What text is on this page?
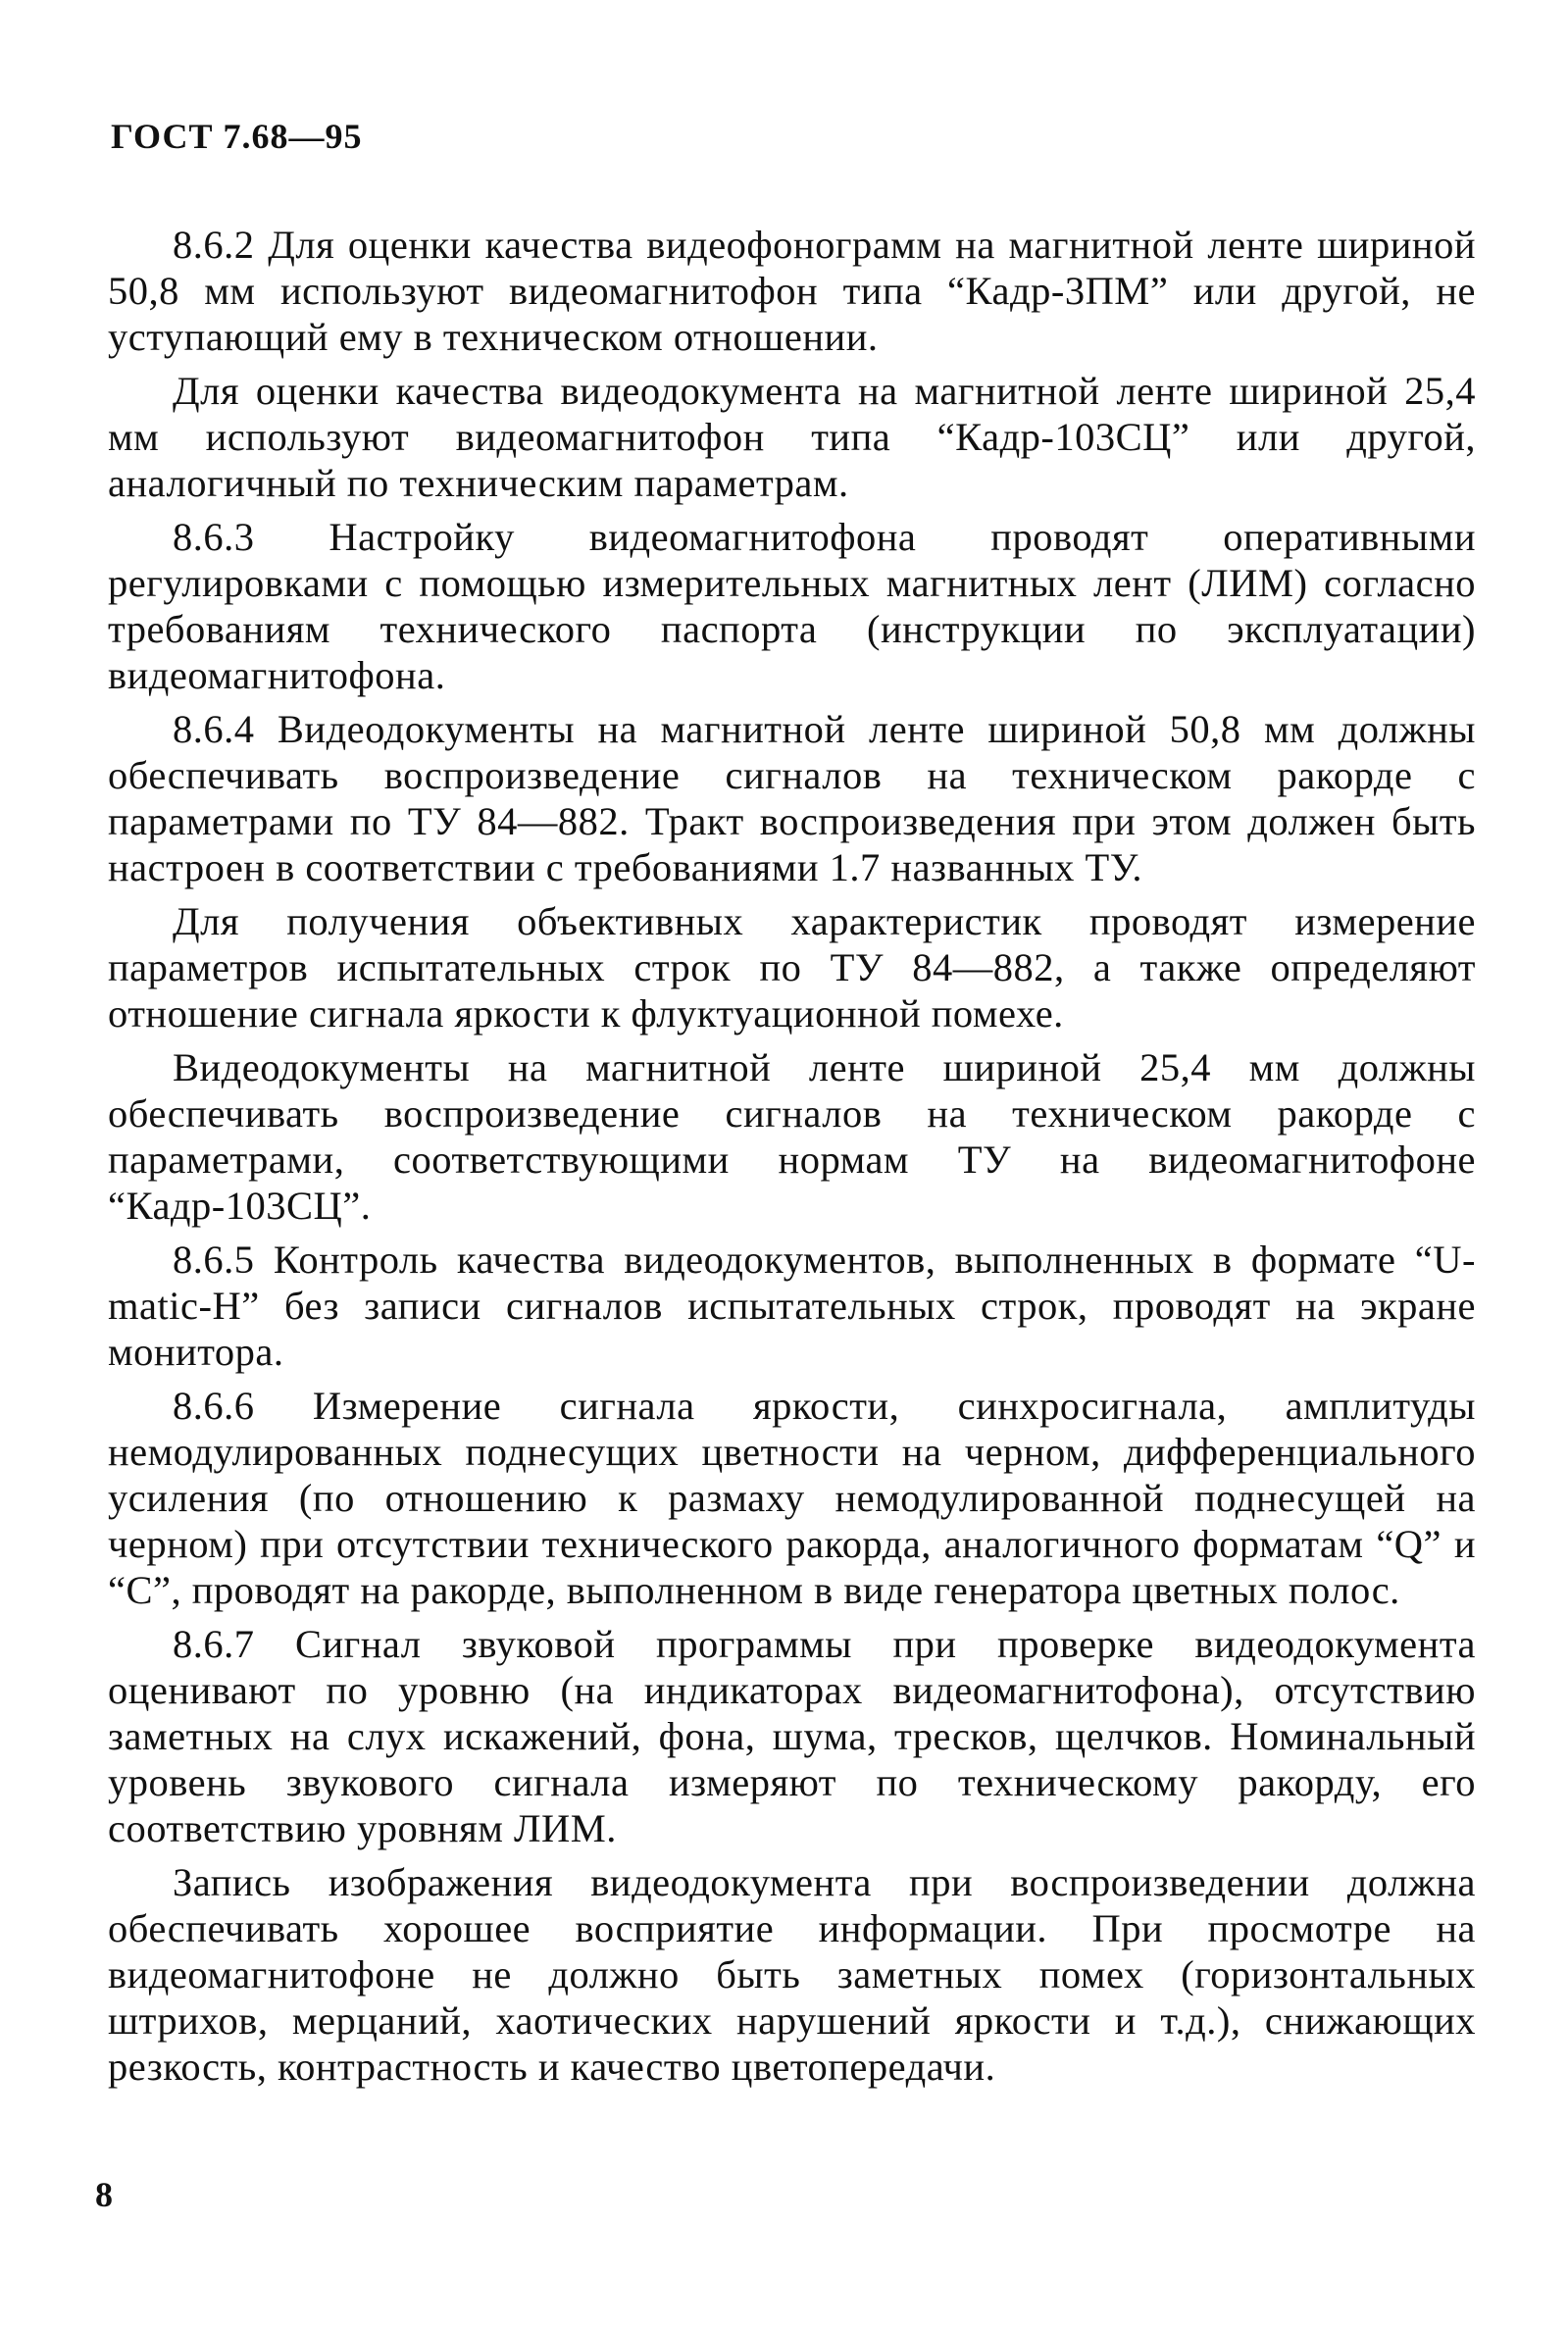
ГОСТ 7.68—95

8.6.2 Для оценки качества видеофонограмм на магнитной ленте шириной 50,8 мм используют видеомагнитофон типа “Кадр-3ПМ” или другой, не уступающий ему в техническом отношении.

Для оценки качества видеодокумента на магнитной ленте шириной 25,4 мм используют видеомагнитофон типа “Кадр-103СЦ” или другой, аналогичный по техническим параметрам.

8.6.3 Настройку видеомагнитофона проводят оперативными регулировками с помощью измерительных магнитных лент (ЛИМ) согласно требованиям технического паспорта (инструкции по эксплуатации) видеомагнитофона.

8.6.4 Видеодокументы на магнитной ленте шириной 50,8 мм должны обеспечивать воспроизведение сигналов на техническом ракорде с параметрами по ТУ 84—882. Тракт воспроизведения при этом должен быть настроен в соответствии с требованиями 1.7 названных ТУ.

Для получения объективных характеристик проводят измерение параметров испытательных строк по ТУ 84—882, а также определяют отношение сигнала яркости к флуктуационной помехе.

Видеодокументы на магнитной ленте шириной 25,4 мм должны обеспечивать воспроизведение сигналов на техническом ракорде с параметрами, соответствующими нормам ТУ на видеомагнитофоне “Кадр-103СЦ”.

8.6.5 Контроль качества видеодокументов, выполненных в формате “U-matic-H” без записи сигналов испытательных строк, проводят на экране монитора.

8.6.6 Измерение сигнала яркости, синхросигнала, амплитуды немодулированных поднесущих цветности на черном, дифференциального усиления (по отношению к размаху немодулированной поднесущей на черном) при отсутствии технического ракорда, аналогичного форматам “Q” и “С”, проводят на ракорде, выполненном в виде генератора цветных полос.

8.6.7 Сигнал звуковой программы при проверке видеодокумента оценивают по уровню (на индикаторах видеомагнитофона), отсутствию заметных на слух искажений, фона, шума, тресков, щелчков. Номинальный уровень звукового сигнала измеряют по техническому ракорду, его соответствию уровням ЛИМ.

Запись изображения видеодокумента при воспроизведении должна обеспечивать хорошее восприятие информации. При просмотре на видеомагнитофоне не должно быть заметных помех (горизонтальных штрихов, мерцаний, хаотических нарушений яркости и т.д.), снижающих резкость, контрастность и качество цветопередачи.

8
